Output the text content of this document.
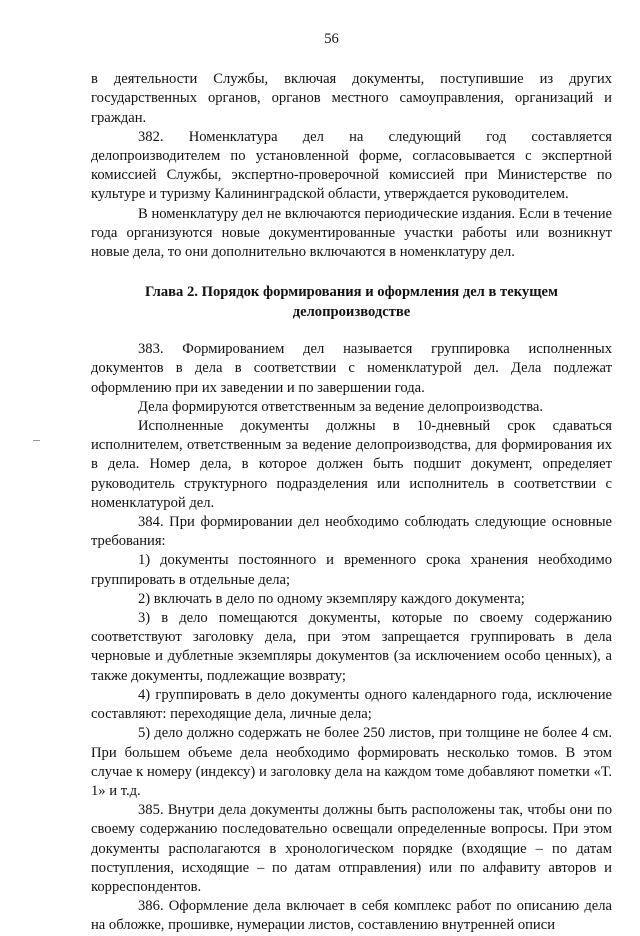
56

в деятельности Службы, включая документы, поступившие из других государственных органов, органов местного самоуправления, организаций и граждан.

382. Номенклатура дел на следующий год составляется делопроизводителем по установленной форме, согласовывается с экспертной комиссией Службы, экспертно-проверочной комиссией при Министерстве по культуре и туризму Калининградской области, утверждается руководителем.

В номенклатуру дел не включаются периодические издания. Если в течение года организуются новые документированные участки работы или возникнут новые дела, то они дополнительно включаются в номенклатуру дел.

Глава 2. Порядок формирования и оформления дел в текущем делопроизводстве

383. Формированием дел называется группировка исполненных документов в дела в соответствии с номенклатурой дел. Дела подлежат оформлению при их заведении и по завершении года.

Дела формируются ответственным за ведение делопроизводства.

Исполненные документы должны в 10-дневный срок сдаваться исполнителем, ответственным за ведение делопроизводства, для формирования их в дела. Номер дела, в которое должен быть подшит документ, определяет руководитель структурного подразделения или исполнитель в соответствии с номенклатурой дел.

384. При формировании дел необходимо соблюдать следующие основные требования:

1) документы постоянного и временного срока хранения необходимо группировать в отдельные дела;

2) включать в дело по одному экземпляру каждого документа;

3) в дело помещаются документы, которые по своему содержанию соответствуют заголовку дела, при этом запрещается группировать в дела черновые и дублетные экземпляры документов (за исключением особо ценных), а также документы, подлежащие возврату;

4) группировать в дело документы одного календарного года, исключение составляют: переходящие дела, личные дела;

5) дело должно содержать не более 250 листов, при толщине не более 4 см. При большем объеме дела необходимо формировать несколько томов. В этом случае к номеру (индексу) и заголовку дела на каждом томе добавляют пометки «Т. 1» и т.д.

385. Внутри дела документы должны быть расположены так, чтобы они по своему содержанию последовательно освещали определенные вопросы. При этом документы располагаются в хронологическом порядке (входящие – по датам поступления, исходящие – по датам отправления) или по алфавиту авторов и корреспондентов.

386. Оформление дела включает в себя комплекс работ по описанию дела на обложке, прошивке, нумерации листов, составлению внутренней описи
